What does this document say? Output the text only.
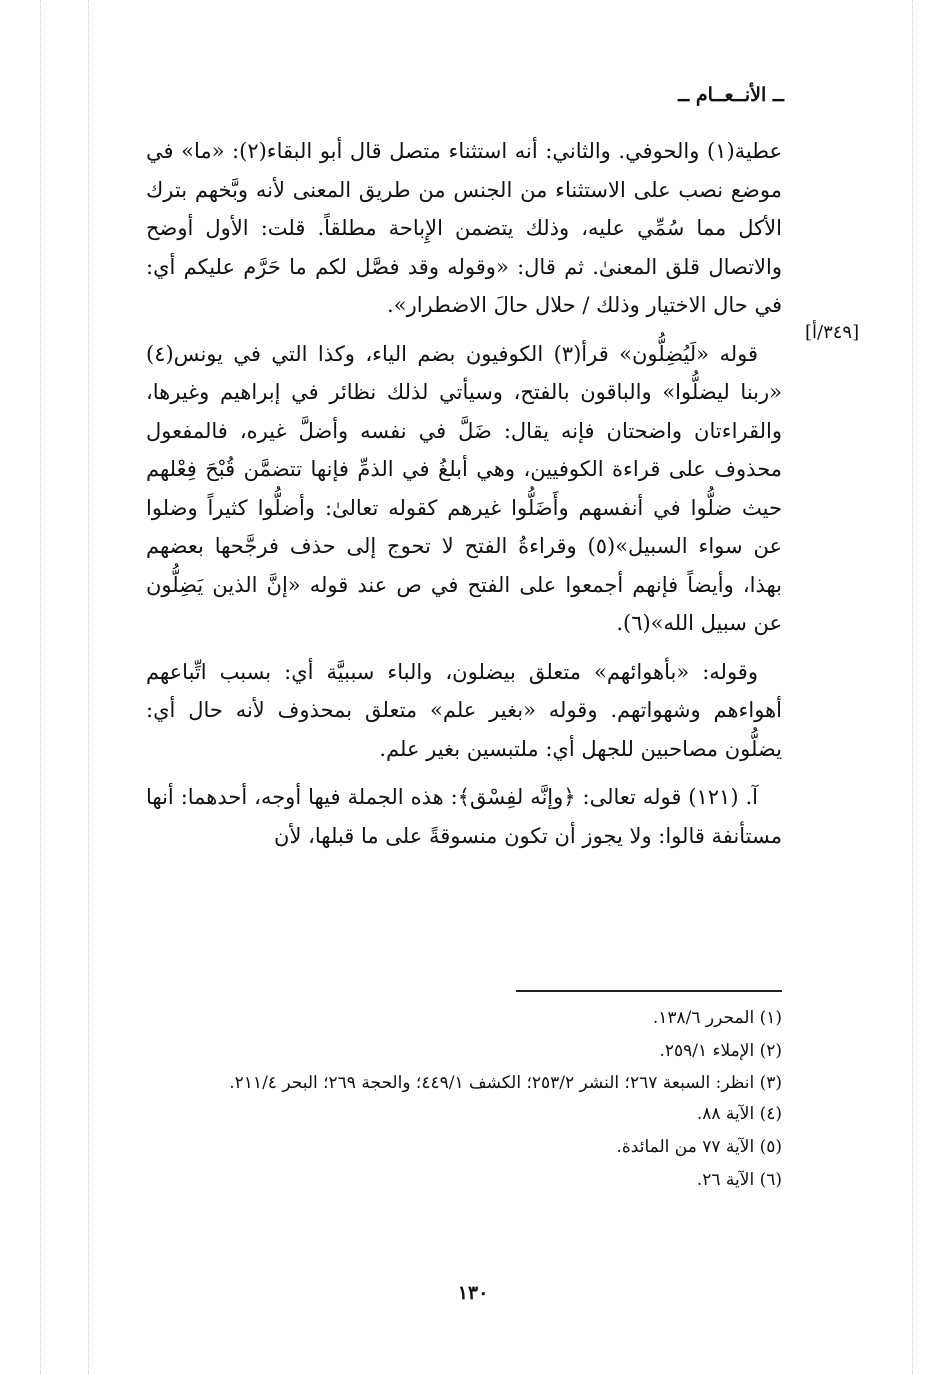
ــ الأنــعــام ــ
[٣٤٩/أ]

عطية(١) والحوفي. والثاني: أنه استثناء متصل قال أبو البقاء(٢): «ما» في موضع نصب على الاستثناء من الجنس من طريق المعنى لأنه وبَّخهم بترك الأكل مما سُمِّي عليه، وذلك يتضمن الإِباحة مطلقاً. قلت: الأول أوضح والاتصال قلق المعنىٰ. ثم قال: «وقوله وقد فصَّل لكم ما حَرَّم عليكم أي: في حال الاختيار وذلك / حلال حالَ الاضطرار».

قوله «لَيُضِلُّون» قرأ(٣) الكوفيون بضم الياء، وكذا التي في يونس(٤) «ربنا ليضلُّوا» والباقون بالفتح، وسيأتي لذلك نظائر في إبراهيم وغيرها، والقراءتان واضحتان فإنه يقال: ضَلَّ في نفسه وأضلَّ غيره، فالمفعول محذوف على قراءة الكوفيين، وهي أبلغُ في الذمِّ فإنها تتضمَّن قُبْحَ فِعْلهم حيث ضلُّوا في أنفسهم وأَضَلُّوا غيرهم كقوله تعالىٰ: وأضلُّوا كثيراً وضلوا عن سواء السبيل»(٥) وقراءةُ الفتح لا تحوج إلى حذف فرجَّحها بعضهم بهذا، وأيضاً فإنهم أجمعوا على الفتح في ص عند قوله «إنَّ الذين يَضِلُّون عن سبيل الله»(٦).

وقوله: «بأهوائهم» متعلق بيضلون، والباء سببيَّة أي: بسبب اتِّباعهم أهواءهم وشهواتهم. وقوله «بغير علم» متعلق بمحذوف لأنه حال أي: يضلُّون مصاحبين للجهل أي: ملتبسين بغير علم.

آ. (١٢١) قوله تعالى: ﴿وإنَّه لفِسْق﴾: هذه الجملة فيها أوجه، أحدهما: أنها مستأنفة قالوا: ولا يجوز أن تكون منسوقةً على ما قبلها، لأن

(١) المحرر ١٣٨/٦.

(٢) الإملاء ٢٥٩/١.

(٣) انظر: السبعة ٢٦٧؛ النشر ٢٥٣/٢؛ الكشف ٤٤٩/١؛ والحجة ٢٦٩؛ البحر ٢١١/٤.

(٤) الآية ٨٨.

(٥) الآية ٧٧ من المائدة.

(٦) الآية ٢٦.

١٣٠
